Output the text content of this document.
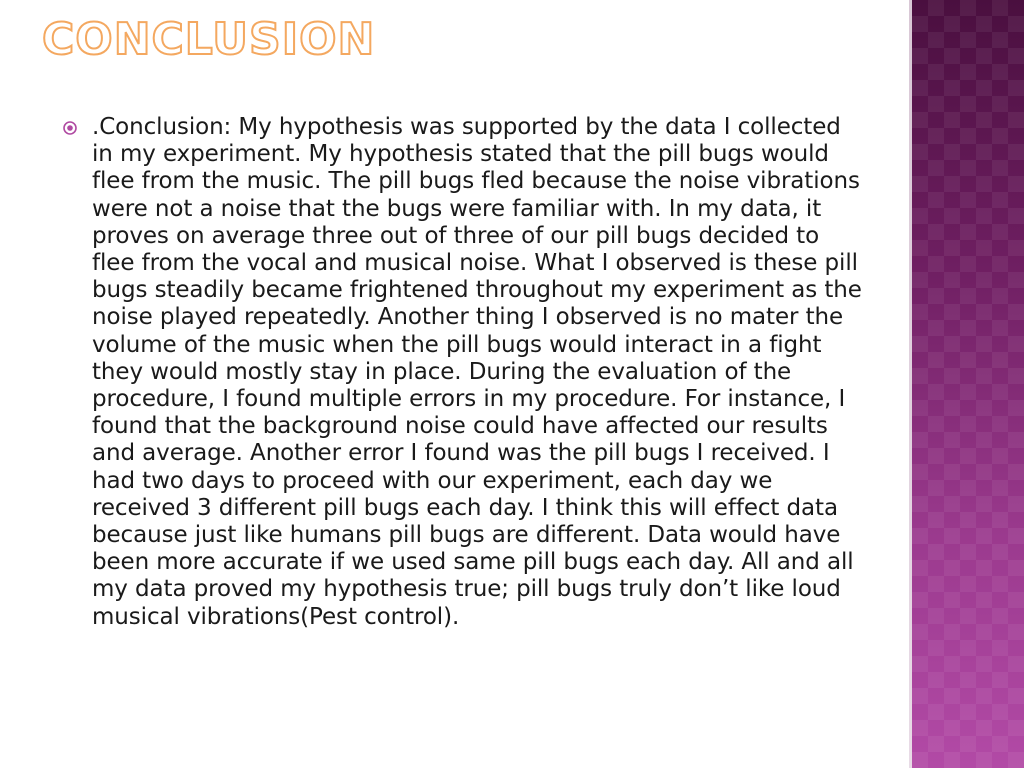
CONCLUSION

.Conclusion: My hypothesis was supported by the data I collected in my experiment. My hypothesis stated that the pill bugs would flee from the music. The pill bugs fled because the noise vibrations were not a noise that the bugs were familiar with. In my data, it proves on average three out of three of our pill bugs decided to flee from the vocal and musical noise. What I observed is these pill bugs steadily became frightened throughout my experiment as the noise played repeatedly. Another thing I observed is no mater the volume of the music when the pill bugs would interact in a fight they would mostly stay in place. During the evaluation of the procedure, I found multiple errors in my procedure. For instance, I found that the background noise could have affected our results and average. Another error I found was the pill bugs I received. I had two days to proceed with our experiment, each day we received 3 different pill bugs each day. I think this will effect data because just like humans pill bugs are different. Data would have been more accurate if we used same pill bugs each day. All and all my data proved my hypothesis true; pill bugs truly don’t like loud musical vibrations(Pest control).
